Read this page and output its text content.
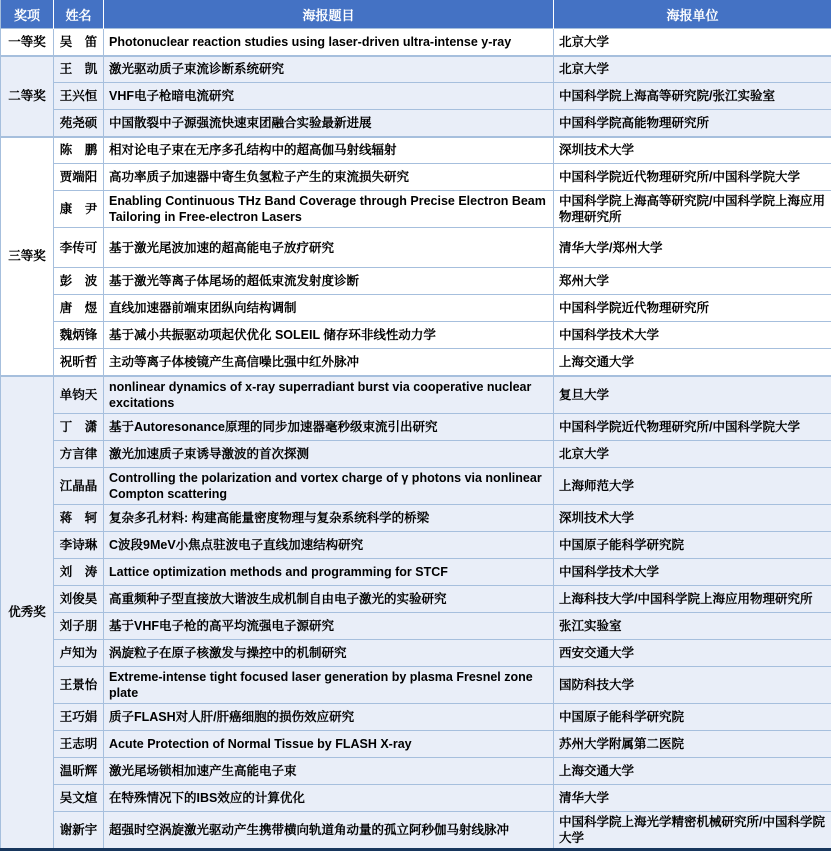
奖项	姓名	海报题目	海报单位
一等奖	吴　笛	Photonuclear reaction studies using laser-driven ultra-intense y-ray	北京大学
二等奖	王　凯	激光驱动质子束流诊断系统研究	北京大学
	王兴恒	VHF电子枪暗电流研究	中国科学院上海高等研究院/张江实验室
	苑尧硕	中国散裂中子源强流快速束团融合实验最新进展	中国科学院高能物理研究所
三等奖	陈　鹏	相对论电子束在无序多孔结构中的超高伽马射线辐射	深圳技术大学
	贾端阳	高功率质子加速器中寄生负氢粒子产生的束流损失研究	中国科学院近代物理研究所/中国科学院大学
	康　尹	Enabling Continuous THz Band Coverage through Precise Electron Beam Tailoring in Free-electron Lasers	中国科学院上海高等研究院/中国科学院上海应用物理研究所
	李传可	基于激光尾波加速的超高能电子放疗研究	清华大学/郑州大学
	彭　波	基于激光等离子体尾场的超低束流发射度诊断	郑州大学
	唐　煜	直线加速器前端束团纵向结构调制	中国科学院近代物理研究所
	魏炳锋	基于减小共振驱动项起伏优化 SOLEIL 储存环非线性动力学	中国科学技术大学
	祝昕哲	主动等离子体棱镜产生高信噪比强中红外脉冲	上海交通大学
优秀奖	单钧天	nonlinear dynamics of x-ray superradiant burst via cooperative nuclear excitations	复旦大学
	丁　潇	基于Autoresonance原理的同步加速器毫秒级束流引出研究	中国科学院近代物理研究所/中国科学院大学
	方言律	激光加速质子束诱导激波的首次探测	北京大学
	江晶晶	Controlling the polarization and vortex charge of γ photons via nonlinear Compton scattering	上海师范大学
	蒋　轲	复杂多孔材料: 构建高能量密度物理与复杂系统科学的桥梁	深圳技术大学
	李诗琳	C波段9MeV小焦点驻波电子直线加速结构研究	中国原子能科学研究院
	刘　涛	Lattice optimization methods and programming for STCF	中国科学技术大学
	刘俊昊	高重频种子型直接放大谐波生成机制自由电子激光的实验研究	上海科技大学/中国科学院上海应用物理研究所
	刘子朋	基于VHF电子枪的高平均流强电子源研究	张江实验室
	卢知为	涡旋粒子在原子核激发与操控中的机制研究	西安交通大学
	王景怡	Extreme-intense tight focused laser generation by plasma Fresnel zone plate	国防科技大学
	王巧娟	质子FLASH对人肝/肝癌细胞的损伤效应研究	中国原子能科学研究院
	王志明	Acute Protection of Normal Tissue by FLASH X-ray	苏州大学附属第二医院
	温昕辉	激光尾场锁相加速产生高能电子束	上海交通大学
	吴文煊	在特殊情况下的IBS效应的计算优化	清华大学
	谢新宇	超强时空涡旋激光驱动产生携带横向轨道角动量的孤立阿秒伽马射线脉冲	中国科学院上海光学精密机械研究所/中国科学院大学
